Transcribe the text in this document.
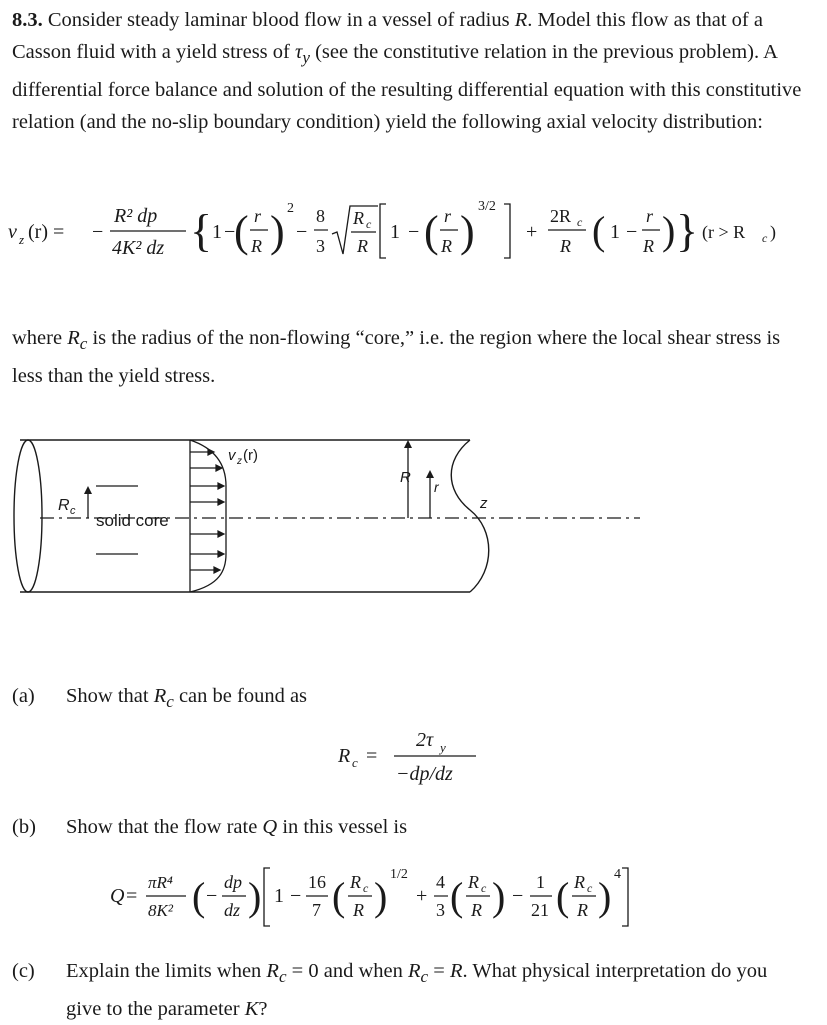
8.3. Consider steady laminar blood flow in a vessel of radius R. Model this flow as that of a Casson fluid with a yield stress of $\tau_y$ (see the constitutive relation in the previous problem). A differential force balance and solution of the resulting differential equation with this constitutive relation (and the no-slip boundary condition) yield the following axial velocity distribution:

v z (r) = −
R² dp
4K² dz { 1 −
( r
R ) 2
−
8
3
R c
R
1 − ( r
R )
3/2
+
2R c
R ( 1 −
r
R ) } (r > R c )

where $R_c$ is the radius of the non-flowing “core,” i.e. the region where the local shear stress is less than the yield stress.

R c solid core
v z (r)
R
r
z
(a) Show that $R_c$ can be found as
R c =
2τ y
−dp/dz
(b) Show that the flow rate Q in this vessel is
Q =
πR⁴
8K² ( −
dp
dz ) 1 −
16
7 ( R c
R ) 1/2
+
4
3 ( R c
R ) −
1
21 ( R c
R ) 4
(c) Explain the limits when $R_c = 0$ and when $R_c = R$. What physical interpretation do you give to the parameter K?
